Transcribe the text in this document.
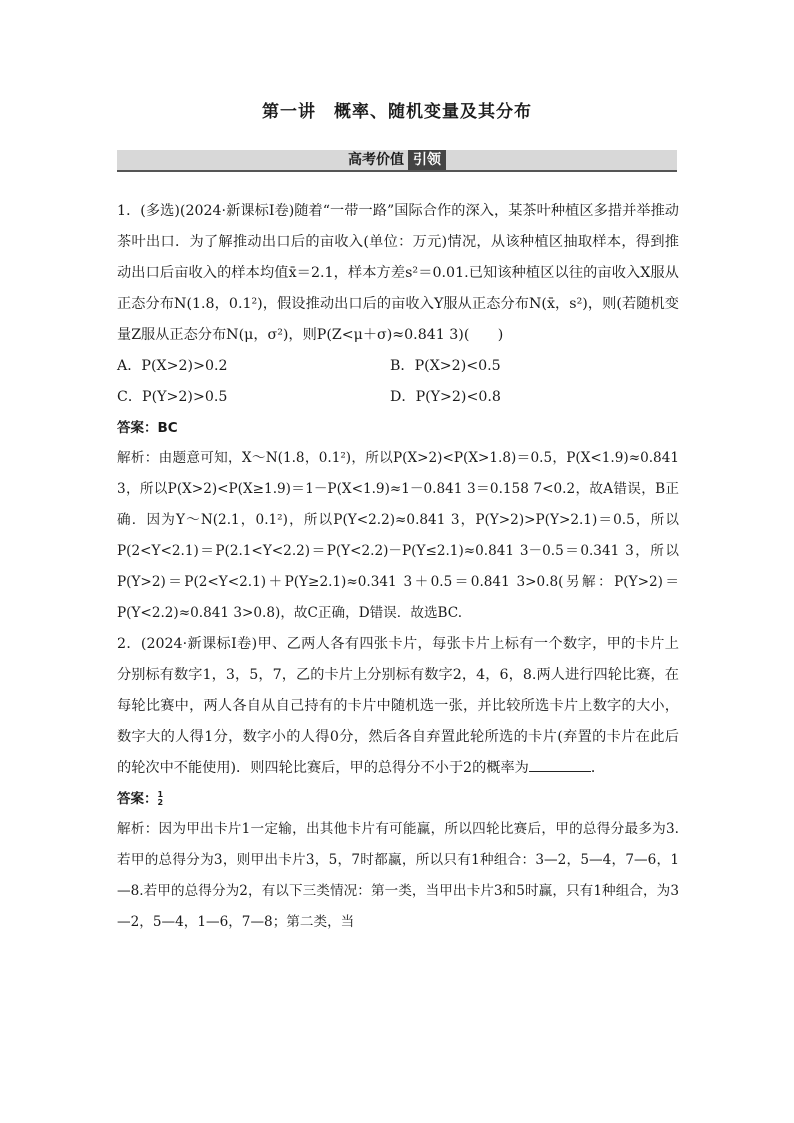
第一讲　概率、随机变量及其分布
高考价值 引领

1．(多选)(2024·新课标Ⅰ卷)随着“一带一路”国际合作的深入，某茶叶种植区多措并举推动茶叶出口．为了解推动出口后的亩收入(单位：万元)情况，从该种植区抽取样本，得到推动出口后亩收入的样本均值x̄＝2.1，样本方差s²＝0.01.已知该种植区以往的亩收入X服从正态分布N(1.8，0.1²)，假设推动出口后的亩收入Y服从正态分布N(x̄，s²)，则(若随机变量Z服从正态分布N(μ，σ²)，则P(Z<μ＋σ)≈0.841 3)(　　)

A．P(X>2)>0.2	B．P(X>2)<0.5
C．P(Y>2)>0.5	D．P(Y>2)<0.8
答案：BC

解析：由题意可知，X～N(1.8，0.1²)，所以P(X>2)<P(X>1.8)＝0.5，P(X<1.9)≈0.841 3，所以P(X>2)<P(X≥1.9)＝1－P(X<1.9)≈1－0.841 3＝0.158 7<0.2，故A错误，B正确．因为Y～N(2.1，0.1²)，所以P(Y<2.2)≈0.841 3，P(Y>2)>P(Y>2.1)＝0.5，所以P(2<Y<2.1)＝P(2.1<Y<2.2)＝P(Y<2.2)－P(Y≤2.1)≈0.841 3－0.5＝0.341 3，所以P(Y>2)＝P(2<Y<2.1)＋P(Y≥2.1)≈0.341 3＋0.5＝0.841 3>0.8(另解：P(Y>2)＝P(Y<2.2)≈0.841 3>0.8)，故C正确，D错误．故选BC.

2．(2024·新课标Ⅰ卷)甲、乙两人各有四张卡片，每张卡片上标有一个数字，甲的卡片上分别标有数字1，3，5，7，乙的卡片上分别标有数字2，4，6，8.两人进行四轮比赛，在每轮比赛中，两人各自从自己持有的卡片中随机选一张，并比较所选卡片上数字的大小，数字大的人得1分，数字小的人得0分，然后各自弃置此轮所选的卡片(弃置的卡片在此后的轮次中不能使用)．则四轮比赛后，甲的总得分不小于2的概率为	．

答案： 1
2

解析：因为甲出卡片1一定输，出其他卡片有可能赢，所以四轮比赛后，甲的总得分最多为3.若甲的总得分为3，则甲出卡片3，5，7时都赢，所以只有1种组合：3—2，5—4，7—6，1—8.若甲的总得分为2，有以下三类情况：第一类，当甲出卡片3和5时赢，只有1种组合，为3—2，5—4，1—6，7—8；第二类，当
